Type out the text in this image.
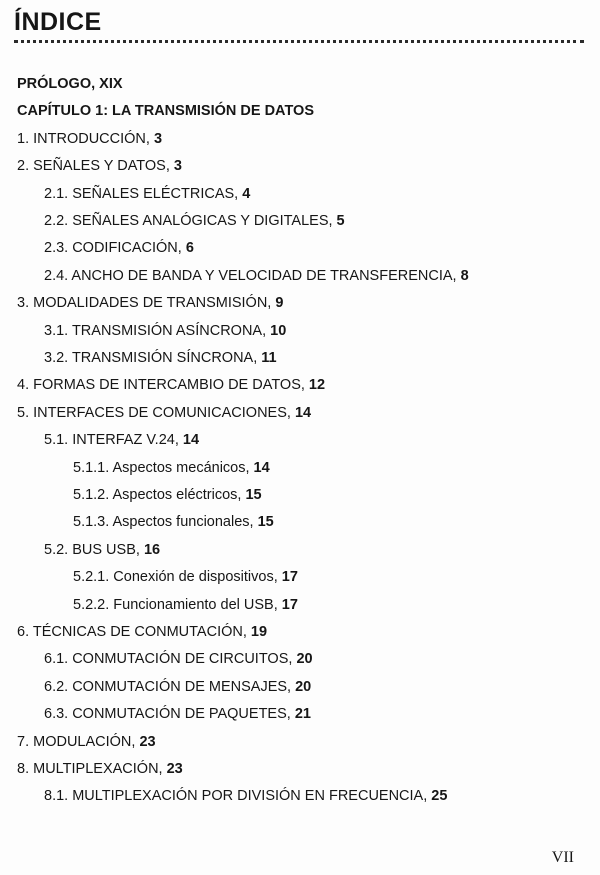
ÍNDICE
PRÓLOGO, XIX
CAPÍTULO 1: LA TRANSMISIÓN DE DATOS
1. INTRODUCCIÓN, 3
2. SEÑALES Y DATOS, 3
2.1. SEÑALES ELÉCTRICAS, 4
2.2. SEÑALES ANALÓGICAS Y DIGITALES, 5
2.3. CODIFICACIÓN, 6
2.4. ANCHO DE BANDA Y VELOCIDAD DE TRANSFERENCIA, 8
3. MODALIDADES DE TRANSMISIÓN, 9
3.1. TRANSMISIÓN ASÍNCRONA, 10
3.2. TRANSMISIÓN SÍNCRONA, 11
4. FORMAS DE INTERCAMBIO DE DATOS, 12
5. INTERFACES DE COMUNICACIONES, 14
5.1. INTERFAZ V.24, 14
5.1.1. Aspectos mecánicos, 14
5.1.2. Aspectos eléctricos, 15
5.1.3. Aspectos funcionales, 15
5.2. BUS USB, 16
5.2.1. Conexión de dispositivos, 17
5.2.2. Funcionamiento del USB, 17
6. TÉCNICAS DE CONMUTACIÓN, 19
6.1. CONMUTACIÓN DE CIRCUITOS, 20
6.2. CONMUTACIÓN DE MENSAJES, 20
6.3. CONMUTACIÓN DE PAQUETES, 21
7. MODULACIÓN, 23
8. MULTIPLEXACIÓN, 23
8.1. MULTIPLEXACIÓN POR DIVISIÓN EN FRECUENCIA, 25
VII
